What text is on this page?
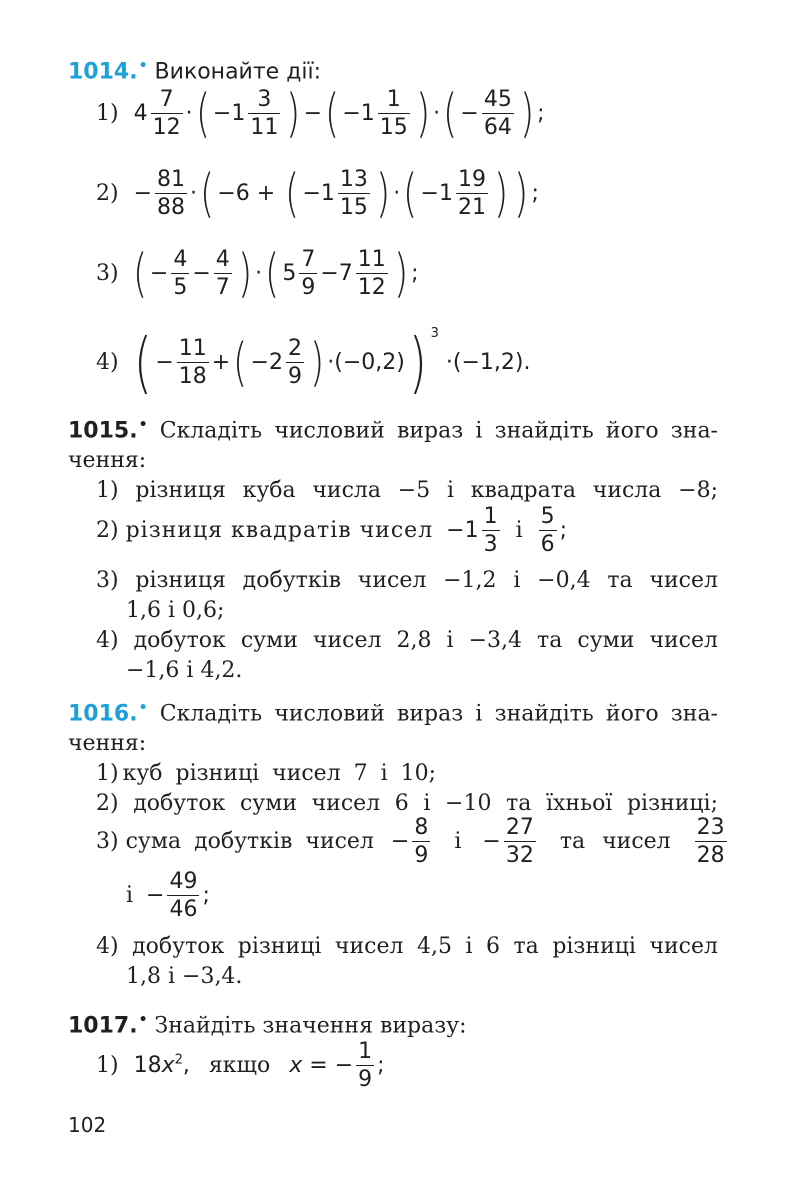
1014.• Виконайте дії:
1) $4 \frac{7}{12}$ ·( $-1 \frac{3}{11}$ ) −( $-1 \frac{1}{15}$ ) ·( − $\frac{45}{64}$ ) ;
$2) - \frac{81}{88}$ ·( −6 + ( $-1 \frac{13}{15}$ ) ·( $-1 \frac{19}{21}$ ) ) ;
3) ( − $\frac{4}{5} - \frac{4}{7}$ ) ·( $5 \frac{7}{9} -7 \frac{11}{12}$ ) ;
4) ( − $\frac{11}{18}$ +( $-2 \frac{2}{9}$ ) ·(−0,2)) $^3$ ·(−1,2).
1015.• Складіть числовий вираз і знайдіть його зна-
чення:
1) різниця куба числа −5 і квадрата числа −8;
2) різниця квадратів чисел $-1 \frac{1}{3}$ і $\frac{5}{6}$ ;
3) різниця добутків чисел −1,2 і −0,4 та чисел
1,6 і 0,6;
4) добуток суми чисел 2,8 і −3,4 та суми чисел
−1,6 і 4,2.
1016.• Складіть числовий вираз і знайдіть його зна-
чення:
1) куб різниці чисел 7 і 10;
2) добуток суми чисел 6 і −10 та їхньої різниці;
3) сума добутків чисел − $\frac{8}{9}$ $і - \frac{27}{32}$ та чисел $\frac{23}{28}$
$і - \frac{49}{46}$ ;
4) добуток різниці чисел 4,5 і 6 та різниці чисел
1,8 і −3,4.
1017.• Знайдіть значення виразу:
1) $18x^2$, якщо x = − $\frac{1}{9}$ ;
102
